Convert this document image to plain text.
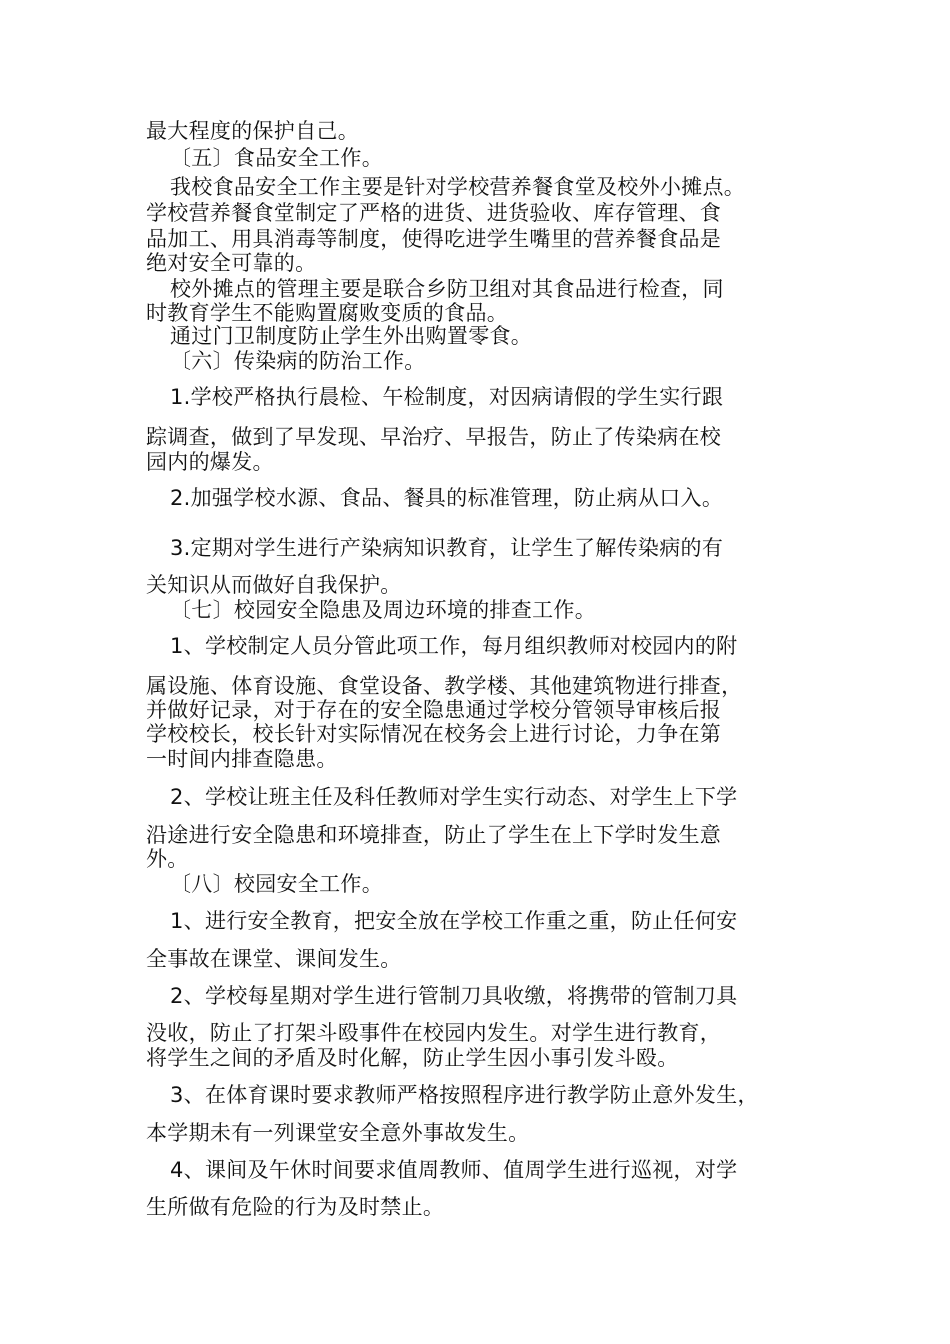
最大程度的保护自己。
〔五〕食品安全工作。
我校食品安全工作主要是针对学校营养餐食堂及校外小摊点。
学校营养餐食堂制定了严格的进货、进货验收、库存管理、食
品加工、用具消毒等制度，使得吃进学生嘴里的营养餐食品是
绝对安全可靠的。
校外摊点的管理主要是联合乡防卫组对其食品进行检查，同
时教育学生不能购置腐败变质的食品。
通过门卫制度防止学生外出购置零食。
〔六〕传染病的防治工作。
1.学校严格执行晨检、午检制度，对因病请假的学生实行跟
踪调查，做到了早发现、早治疗、早报告，防止了传染病在校
园内的爆发。
2.加强学校水源、食品、餐具的标准管理，防止病从口入。
3.定期对学生进行产染病知识教育，让学生了解传染病的有
关知识从而做好自我保护。
〔七〕校园安全隐患及周边环境的排查工作。
1、学校制定人员分管此项工作，每月组织教师对校园内的附
属设施、体育设施、食堂设备、教学楼、其他建筑物进行排查，
并做好记录，对于存在的安全隐患通过学校分管领导审核后报
学校校长，校长针对实际情况在校务会上进行讨论，力争在第
一时间内排查隐患。
2、学校让班主任及科任教师对学生实行动态、对学生上下学
沿途进行安全隐患和环境排查，防止了学生在上下学时发生意
外。
〔八〕校园安全工作。
1、进行安全教育，把安全放在学校工作重之重，防止任何安
全事故在课堂、课间发生。
2、学校每星期对学生进行管制刀具收缴，将携带的管制刀具
没收，防止了打架斗殴事件在校园内发生。对学生进行教育，
将学生之间的矛盾及时化解，防止学生因小事引发斗殴。
3、在体育课时要求教师严格按照程序进行教学防止意外发生，
本学期未有一列课堂安全意外事故发生。
4、课间及午休时间要求值周教师、值周学生进行巡视，对学
生所做有危险的行为及时禁止。
